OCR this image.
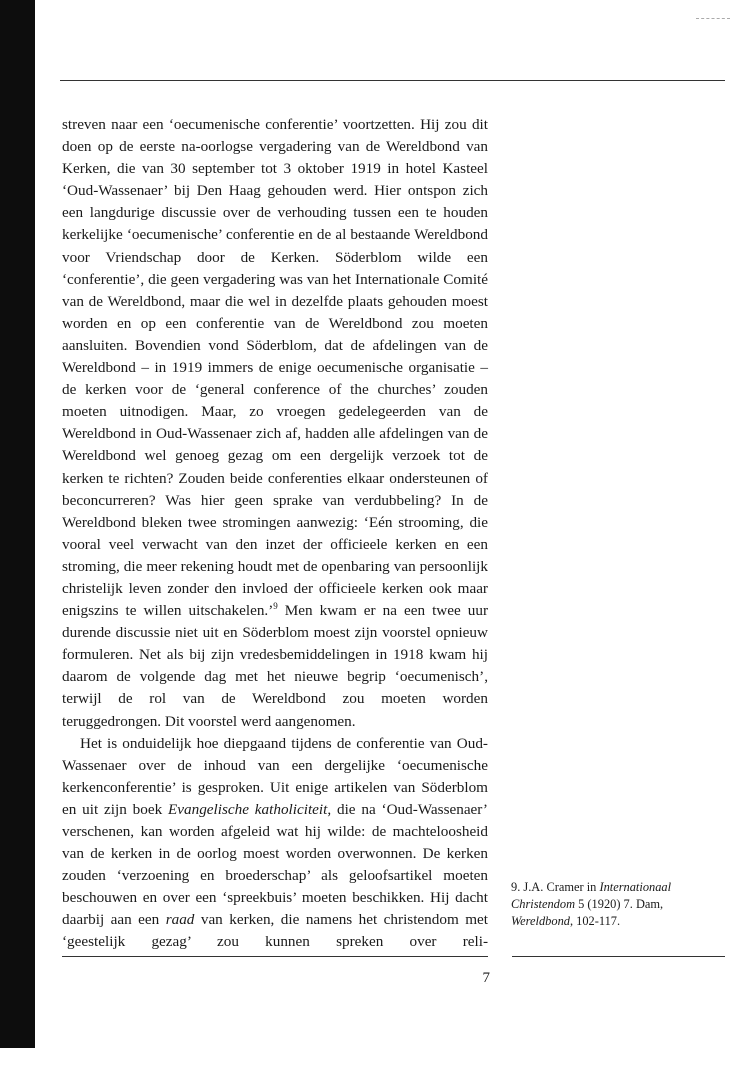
streven naar een ‘oecumenische conferentie’ voortzetten. Hij zou dit doen op de eerste na-oorlogse vergadering van de Wereldbond van Kerken, die van 30 september tot 3 oktober 1919 in hotel Kasteel ‘Oud-Wassenaer’ bij Den Haag gehouden werd. Hier ontspon zich een langdurige discussie over de verhouding tussen een te houden kerkelijke ‘oecumenische’ conferentie en de al bestaande Wereldbond voor Vriendschap door de Kerken. Söderblom wilde een ‘conferentie’, die geen vergadering was van het Internationale Comité van de Wereldbond, maar die wel in dezelfde plaats gehouden moest worden en op een conferentie van de Wereldbond zou moeten aansluiten. Bovendien vond Söderblom, dat de afdelingen van de Wereldbond – in 1919 immers de enige oecumenische organisatie – de kerken voor de ‘general conference of the churches’ zouden moeten uitnodigen. Maar, zo vroegen gedelegeerden van de Wereldbond in Oud-Wassenaer zich af, hadden alle afdelingen van de Wereldbond wel genoeg gezag om een dergelijk verzoek tot de kerken te richten? Zouden beide conferenties elkaar ondersteunen of beconcurreren? Was hier geen sprake van verdubbeling? In de Wereldbond bleken twee stromingen aanwezig: ‘Eén strooming, die vooral veel verwacht van den inzet der officieele kerken en een stroming, die meer rekening houdt met de openbaring van persoonlijk christelijk leven zonder den invloed der officieele kerken ook maar enigszins te willen uitschakelen.’$^9$ Men kwam er na een twee uur durende discussie niet uit en Söderblom moest zijn voorstel opnieuw formuleren. Net als bij zijn vredesbemiddelingen in 1918 kwam hij daarom de volgende dag met het nieuwe begrip ‘oecumenisch’, terwijl de rol van de Wereldbond zou moeten worden teruggedrongen. Dit voorstel werd aangenomen.

Het is onduidelijk hoe diepgaand tijdens de conferentie van Oud-Wassenaer over de inhoud van een dergelijke ‘oecumenische kerkenconferentie’ is gesproken. Uit enige artikelen van Söderblom en uit zijn boek Evangelische katholiciteit, die na ‘Oud-Wassenaer’ verschenen, kan worden afgeleid wat hij wilde: de machteloosheid van de kerken in de oorlog moest worden overwonnen. De kerken zouden ‘verzoening en broederschap’ als geloofsartikel moeten beschouwen en over een ‘spreekbuis’ moeten beschikken. Hij dacht daarbij aan een raad van kerken, die namens het christendom met ‘geestelijk gezag’ zou kunnen spreken over reli-

9. J.A. Cramer in Internationaal Christendom 5 (1920) 7. Dam, Wereldbond, 102-117.
7
